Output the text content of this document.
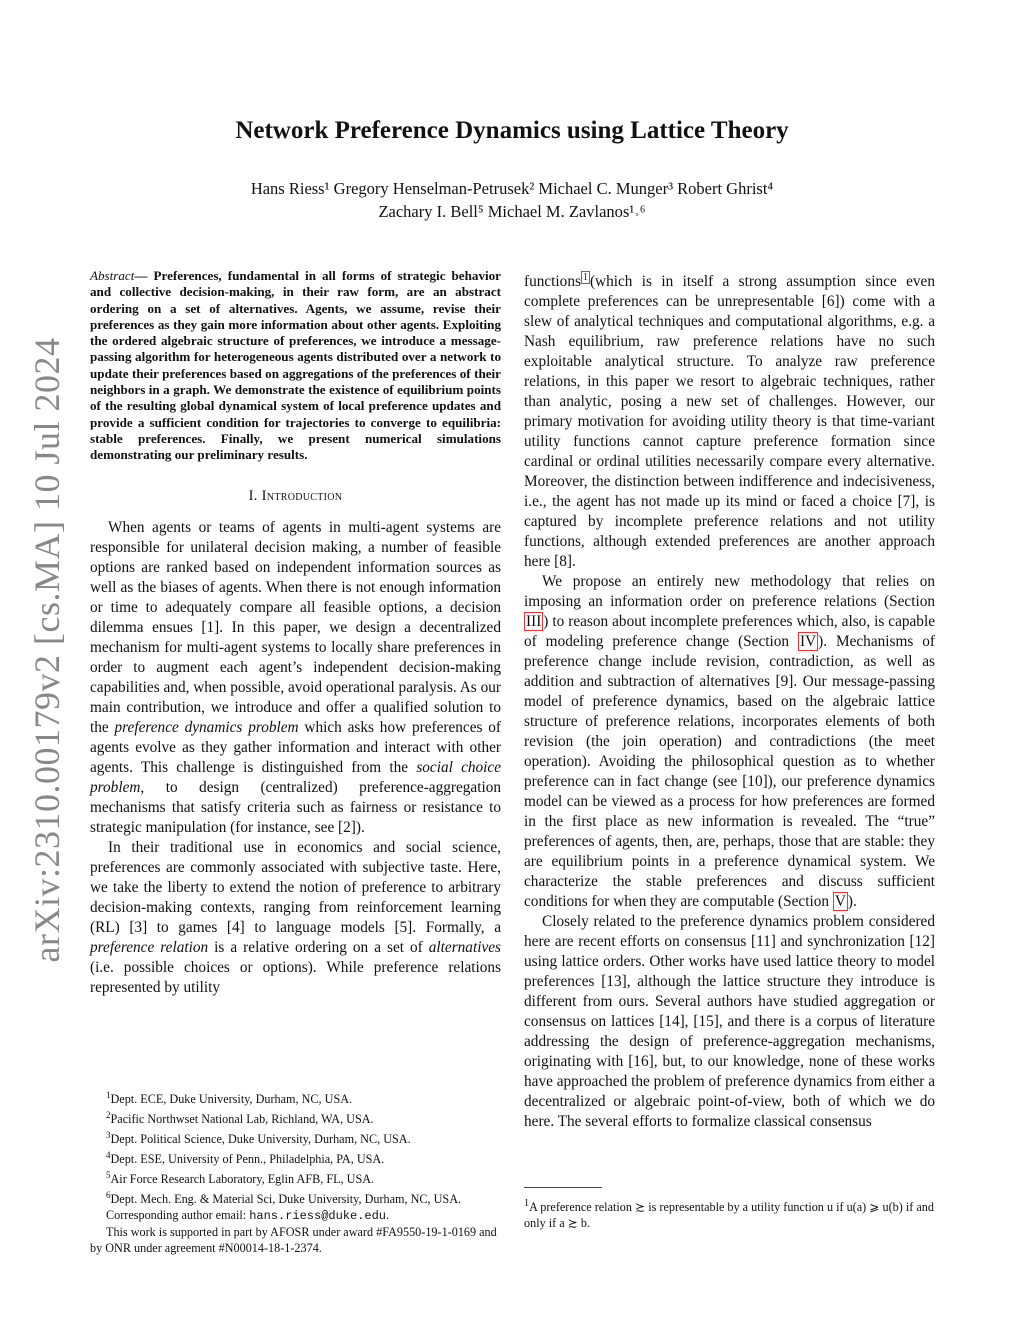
arXiv:2310.00179v2 [cs.MA] 10 Jul 2024
Network Preference Dynamics using Lattice Theory
Hans Riess¹ Gregory Henselman-Petrusek² Michael C. Munger³ Robert Ghrist⁴
Zachary I. Bell⁵ Michael M. Zavlanos¹˒⁶

Abstract— Preferences, fundamental in all forms of strategic behavior and collective decision-making, in their raw form, are an abstract ordering on a set of alternatives. Agents, we assume, revise their preferences as they gain more information about other agents. Exploiting the ordered algebraic structure of preferences, we introduce a message-passing algorithm for heterogeneous agents distributed over a network to update their preferences based on aggregations of the preferences of their neighbors in a graph. We demonstrate the existence of equilibrium points of the resulting global dynamical system of local preference updates and provide a sufficient condition for trajectories to converge to equilibria: stable preferences. Finally, we present numerical simulations demonstrating our preliminary results.

I. Introduction

When agents or teams of agents in multi-agent systems are responsible for unilateral decision making, a number of feasible options are ranked based on independent information sources as well as the biases of agents. When there is not enough information or time to adequately compare all feasible options, a decision dilemma ensues [1]. In this paper, we design a decentralized mechanism for multi-agent systems to locally share preferences in order to augment each agent’s independent decision-making capabilities and, when possible, avoid operational paralysis. As our main contribution, we introduce and offer a qualified solution to the preference dynamics problem which asks how preferences of agents evolve as they gather information and interact with other agents. This challenge is distinguished from the social choice problem, to design (centralized) preference-aggregation mechanisms that satisfy criteria such as fairness or resistance to strategic manipulation (for instance, see [2]).

In their traditional use in economics and social science, preferences are commonly associated with subjective taste. Here, we take the liberty to extend the notion of preference to arbitrary decision-making contexts, ranging from reinforcement learning (RL) [3] to games [4] to language models [5]. Formally, a preference relation is a relative ordering on a set of alternatives (i.e. possible choices or options). While preference relations represented by utility

$^1$Dept. ECE, Duke University, Durham, NC, USA.
$^2$Pacific Northwset National Lab, Richland, WA, USA.
$^3$Dept. Political Science, Duke University, Durham, NC, USA.
$^4$Dept. ESE, University of Penn., Philadelphia, PA, USA.
$^5$Air Force Research Laboratory, Eglin AFB, FL, USA.
$^6$Dept. Mech. Eng. & Material Sci, Duke University, Durham, NC, USA.
Corresponding author email: hans.riess@duke.edu.
This work is supported in part by AFOSR under award #FA9550-19-1-0169 and by ONR under agreement #N00014-18-1-2374.

functions $^1$ (which is in itself a strong assumption since even complete preferences can be unrepresentable [6]) come with a slew of analytical techniques and computational algorithms, e.g. a Nash equilibrium, raw preference relations have no such exploitable analytical structure. To analyze raw preference relations, in this paper we resort to algebraic techniques, rather than analytic, posing a new set of challenges. However, our primary motivation for avoiding utility theory is that time-variant utility functions cannot capture preference formation since cardinal or ordinal utilities necessarily compare every alternative. Moreover, the distinction between indifference and indecisiveness, i.e., the agent has not made up its mind or faced a choice [7], is captured by incomplete preference relations and not utility functions, although extended preferences are another approach here [8].

We propose an entirely new methodology that relies on imposing an information order on preference relations (Section III ) to reason about incomplete preferences which, also, is capable of modeling preference change (Section IV ). Mechanisms of preference change include revision, contradiction, as well as addition and subtraction of alternatives [9]. Our message-passing model of preference dynamics, based on the algebraic lattice structure of preference relations, incorporates elements of both revision (the join operation) and contradictions (the meet operation). Avoiding the philosophical question as to whether preference can in fact change (see [10]), our preference dynamics model can be viewed as a process for how preferences are formed in the first place as new information is revealed. The “true” preferences of agents, then, are, perhaps, those that are stable: they are equilibrium points in a preference dynamical system. We characterize the stable preferences and discuss sufficient conditions for when they are computable (Section V ).

Closely related to the preference dynamics problem considered here are recent efforts on consensus [11] and synchronization [12] using lattice orders. Other works have used lattice theory to model preferences [13], although the lattice structure they introduce is different from ours. Several authors have studied aggregation or consensus on lattices [14], [15], and there is a corpus of literature addressing the design of preference-aggregation mechanisms, originating with [16], but, to our knowledge, none of these works have approached the problem of preference dynamics from either a decentralized or algebraic point-of-view, both of which we do here. The several efforts to formalize classical consensus

$^1$A preference relation ≿ is representable by a utility function u if u(a) ⩾ u(b) if and only if a ≿ b.
